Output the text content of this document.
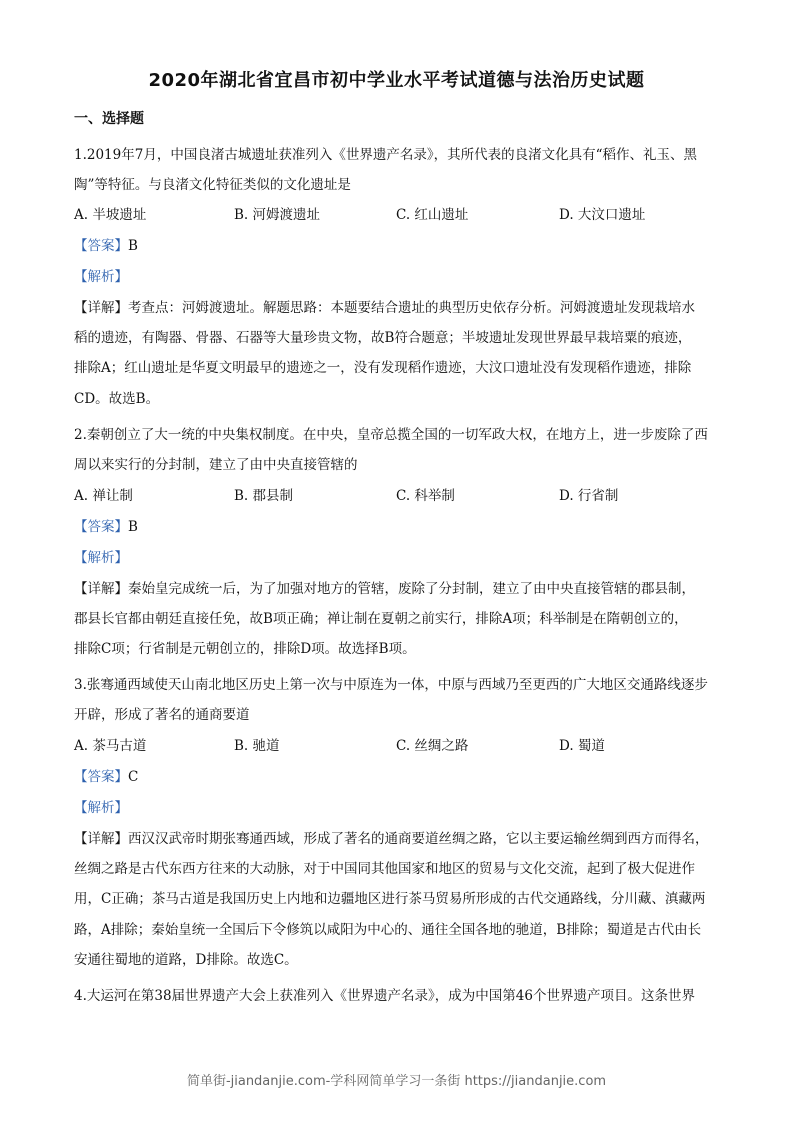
2020年湖北省宜昌市初中学业水平考试道德与法治历史试题
一、选择题
1.2019年7月，中国良渚古城遗址获准列入《世界遗产名录》，其所代表的良渚文化具有“稻作、礼玉、黑
陶”等特征。与良渚文化特征类似的文化遗址是
A. 半坡遗址	B. 河姆渡遗址	C. 红山遗址	D. 大汶口遗址
【答案】B
【解析】
【详解】考查点：河姆渡遗址。解题思路：本题要结合遗址的典型历史依存分析。河姆渡遗址发现栽培水
稻的遗迹，有陶器、骨器、石器等大量珍贵文物，故B符合题意；半坡遗址发现世界最早栽培粟的痕迹，
排除A；红山遗址是华夏文明最早的遗迹之一，没有发现稻作遗迹，大汶口遗址没有发现稻作遗迹，排除
CD。故选B。
2.秦朝创立了大一统的中央集权制度。在中央，皇帝总揽全国的一切军政大权，在地方上，进一步废除了西
周以来实行的分封制，建立了由中央直接管辖的
A. 禅让制	B. 郡县制	C. 科举制	D. 行省制
【答案】B
【解析】
【详解】秦始皇完成统一后，为了加强对地方的管辖，废除了分封制，建立了由中央直接管辖的郡县制，
郡县长官都由朝廷直接任免，故B项正确；禅让制在夏朝之前实行，排除A项；科举制是在隋朝创立的，
排除C项；行省制是元朝创立的，排除D项。故选择B项。
3.张骞通西域使天山南北地区历史上第一次与中原连为一体，中原与西域乃至更西的广大地区交通路线逐步
开辟，形成了著名的通商要道
A. 茶马古道	B. 驰道	C. 丝绸之路	D. 蜀道
【答案】C
【解析】
【详解】西汉汉武帝时期张骞通西域，形成了著名的通商要道丝绸之路，它以主要运输丝绸到西方而得名，
丝绸之路是古代东西方往来的大动脉，对于中国同其他国家和地区的贸易与文化交流，起到了极大促进作
用，C正确；茶马古道是我国历史上内地和边疆地区进行茶马贸易所形成的古代交通路线，分川藏、滇藏两
路，A排除；秦始皇统一全国后下令修筑以咸阳为中心的、通往全国各地的驰道，B排除；蜀道是古代由长
安通往蜀地的道路，D排除。故选C。
4.大运河在第38届世界遗产大会上获准列入《世界遗产名录》，成为中国第46个世界遗产项目。这条世界
简单街-jiandanjie.com-学科网简单学习一条街 https://jiandanjie.com
